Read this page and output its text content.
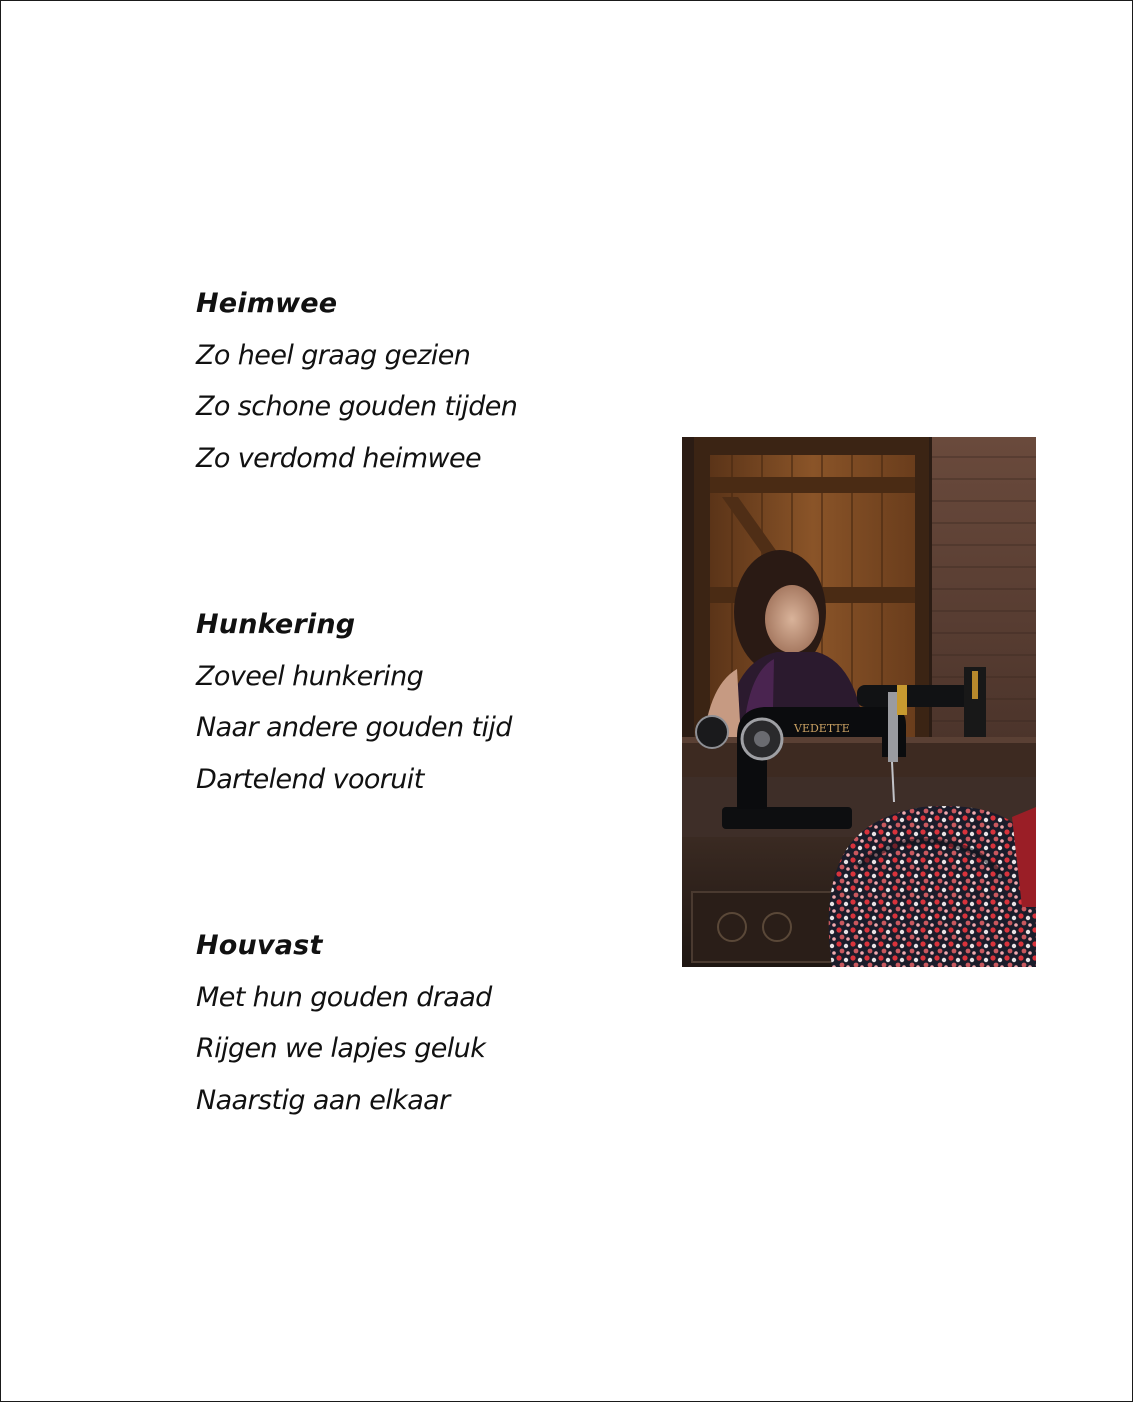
Heimwee

Zo heel graag gezien

Zo schone gouden tijden

Zo verdomd heimwee

Hunkering

Zoveel hunkering

Naar andere gouden tijd

Dartelend vooruit

Houvast

Met hun gouden draad

Rijgen we lapjes geluk

Naarstig aan elkaar

VEDETTE
